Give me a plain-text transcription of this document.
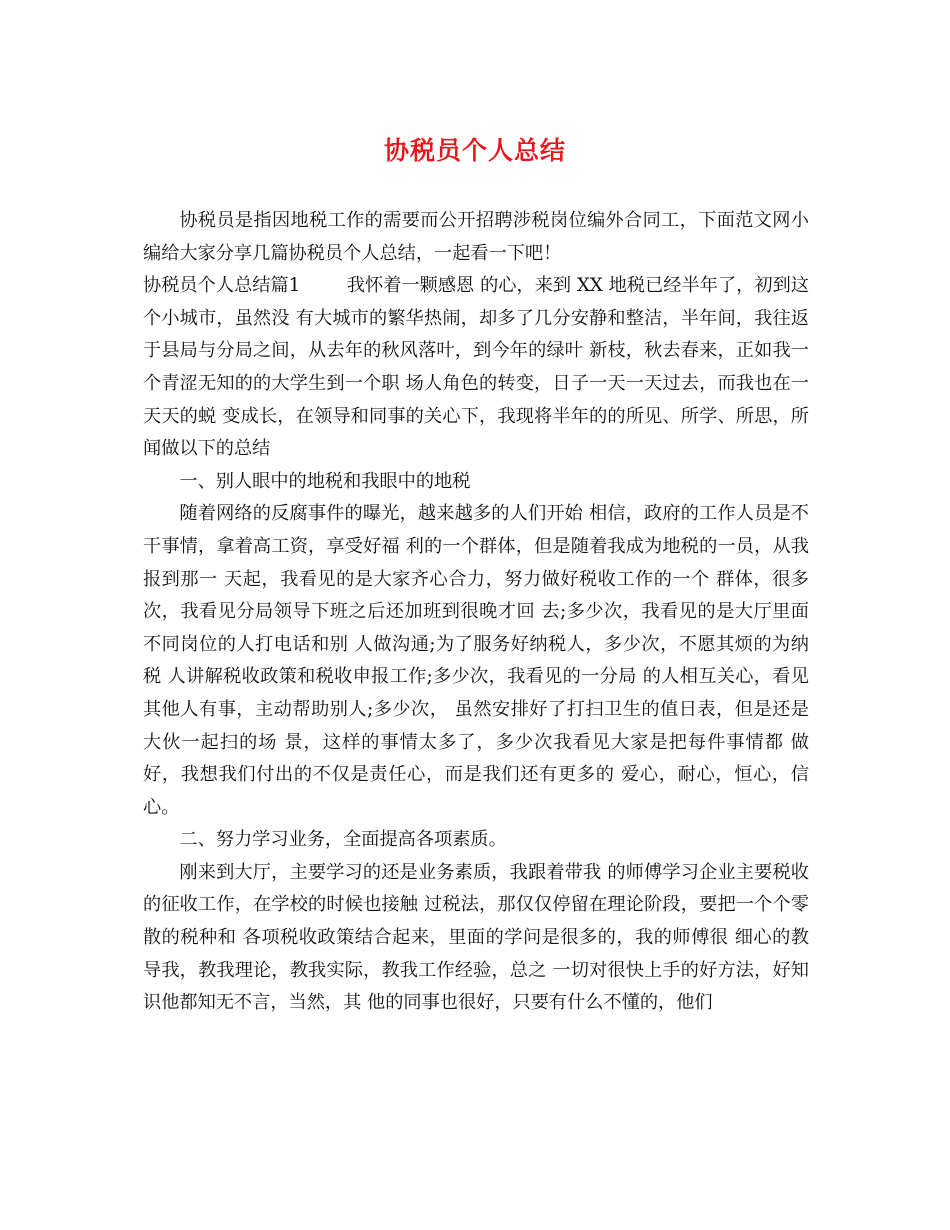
协税员个人总结

协税员是指因地税工作的需要而公开招聘涉税岗位编外合同工，下面范文网小编给大家分享几篇协税员个人总结，一起看一下吧！

协税员个人总结篇1	我怀着一颗感恩 的心，来到 XX 地税已经半年了，初到这个小城市，虽然没 有大城市的繁华热闹，却多了几分安静和整洁，半年间，我往返于县局与分局之间，从去年的秋风落叶，到今年的绿叶 新枝，秋去春来，正如我一个青涩无知的的大学生到一个职 场人角色的转变，日子一天一天过去，而我也在一天天的蜕 变成长，在领导和同事的关心下，我现将半年的的所见、所学、所思，所闻做以下的总结

一、别人眼中的地税和我眼中的地税

随着网络的反腐事件的曝光，越来越多的人们开始 相信，政府的工作人员是不干事情，拿着高工资，享受好福 利的一个群体，但是随着我成为地税的一员，从我报到那一 天起，我看见的是大家齐心合力，努力做好税收工作的一个 群体，很多次，我看见分局领导下班之后还加班到很晚才回 去;多少次，我看见的是大厅里面不同岗位的人打电话和别 人做沟通;为了服务好纳税人，多少次，不愿其烦的为纳税 人讲解税收政策和税收申报工作;多少次，我看见的一分局 的人相互关心，看见其他人有事，主动帮助别人;多少次， 虽然安排好了打扫卫生的值日表，但是还是大伙一起扫的场 景，这样的事情太多了，多少次我看见大家是把每件事情都 做好，我想我们付出的不仅是责任心，而是我们还有更多的 爱心，耐心，恒心，信心。

二、努力学习业务，全面提高各项素质。

刚来到大厅，主要学习的还是业务素质，我跟着带我 的师傅学习企业主要税收的征收工作，在学校的时候也接触 过税法，那仅仅停留在理论阶段，要把一个个零散的税种和 各项税收政策结合起来，里面的学问是很多的，我的师傅很 细心的教导我，教我理论，教我实际，教我工作经验，总之 一切对很快上手的好方法，好知识他都知无不言，当然，其 他的同事也很好，只要有什么不懂的，他们
